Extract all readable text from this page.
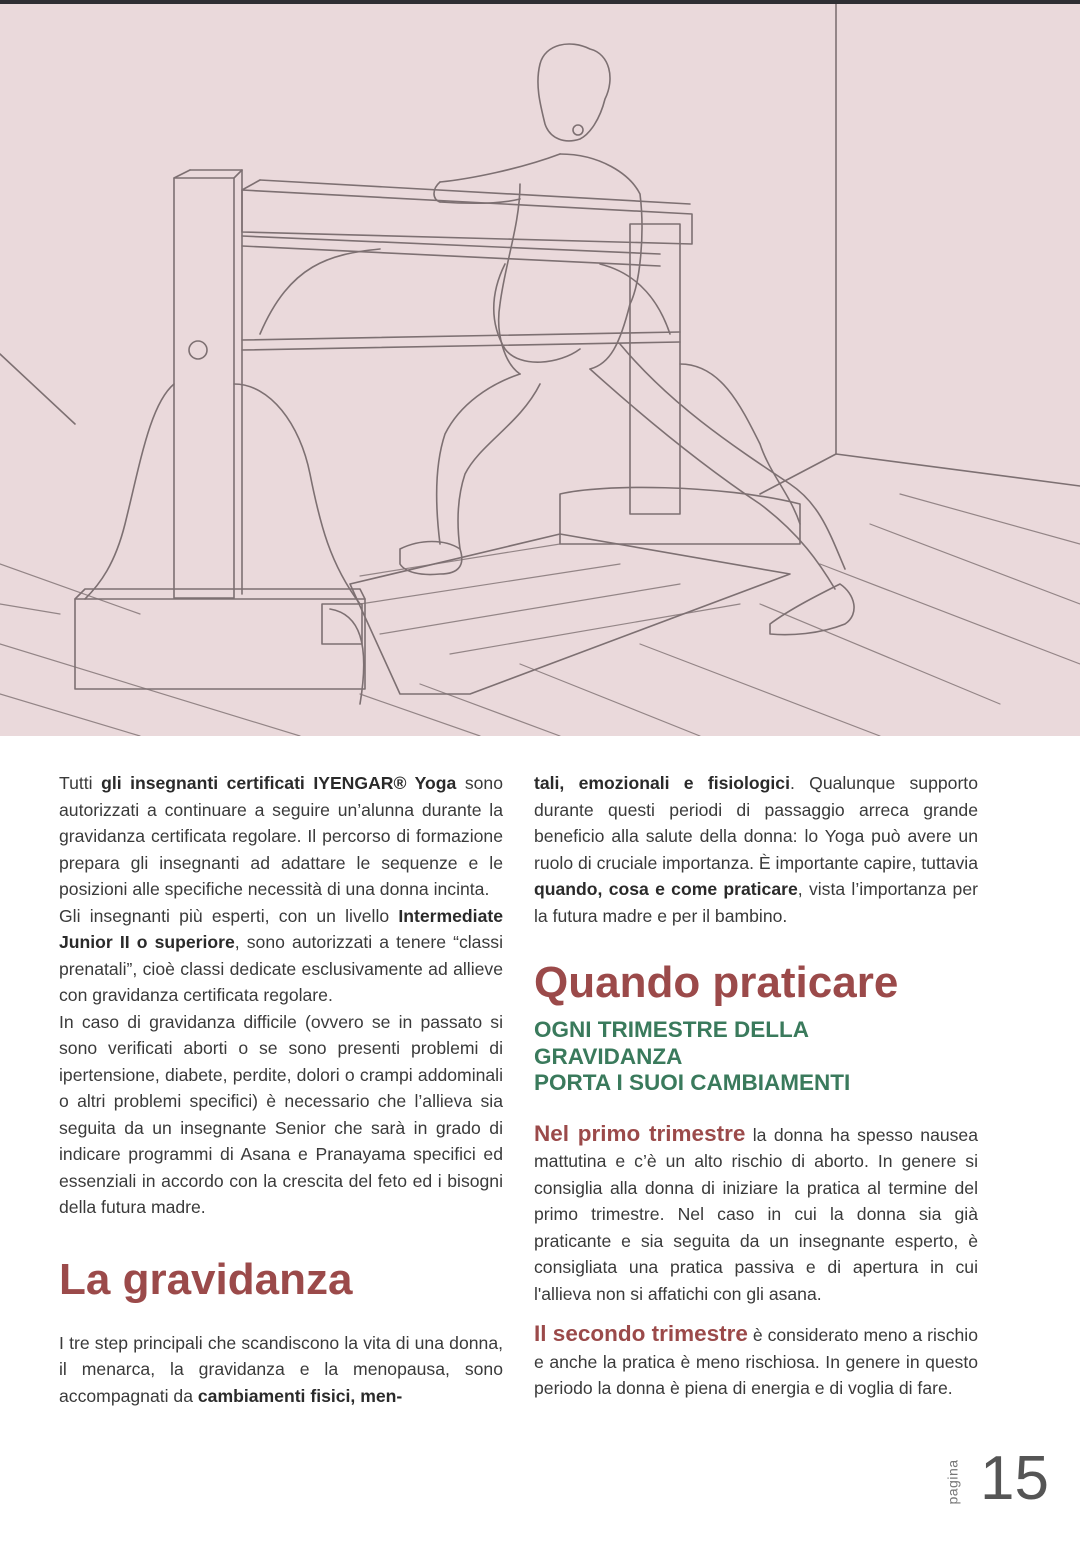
Tutti gli insegnanti certificati IYENGAR® Yoga sono autorizzati a continuare a seguire un’alunna durante la gravidanza certificata regolare. Il percorso di formazione prepara gli insegnanti ad adattare le sequenze e le posizioni alle specifiche necessità di una donna incinta.

Gli insegnanti più esperti, con un livello Intermediate Junior II o superiore, sono autorizzati a tenere “classi prenatali”, cioè classi dedicate esclusivamente ad allieve con gravidanza certificata regolare.

In caso di gravidanza difficile (ovvero se in passato si sono verificati aborti o se sono presenti problemi di ipertensione, diabete, perdite, dolori o crampi addominali o altri problemi specifici) è necessario che l’allieva sia seguita da un insegnante Senior che sarà in grado di indicare programmi di Asana e Pranayama specifici ed essenziali in accordo con la crescita del feto ed i bisogni della futura madre.

La gravidanza

I tre step principali che scandiscono la vita di una donna, il menarca, la gravidanza e la menopausa, sono accompagnati da cambiamenti fisici, men-

tali, emozionali e fisiologici. Qualunque supporto durante questi periodi di passaggio arreca grande beneficio alla salute della donna: lo Yoga può avere un ruolo di cruciale importanza. È importante capire, tuttavia quando, cosa e come praticare, vista l’importanza per la futura madre e per il bambino.

Quando praticare
OGNI TRIMESTRE DELLA
GRAVIDANZA
PORTA I SUOI CAMBIAMENTI

Nel primo trimestre la donna ha spesso nausea mattutina e c’è un alto rischio di aborto. In genere si consiglia alla donna di iniziare la pratica al termine del primo trimestre. Nel caso in cui la donna sia già praticante e sia seguita da un insegnante esperto, è consigliata una pratica passiva e di apertura in cui l'allieva non si affatichi con gli asana.

Il secondo trimestre è considerato meno a rischio e anche la pratica è meno rischiosa. In genere in questo periodo la donna è piena di energia e di voglia di fare.

pagina 15
